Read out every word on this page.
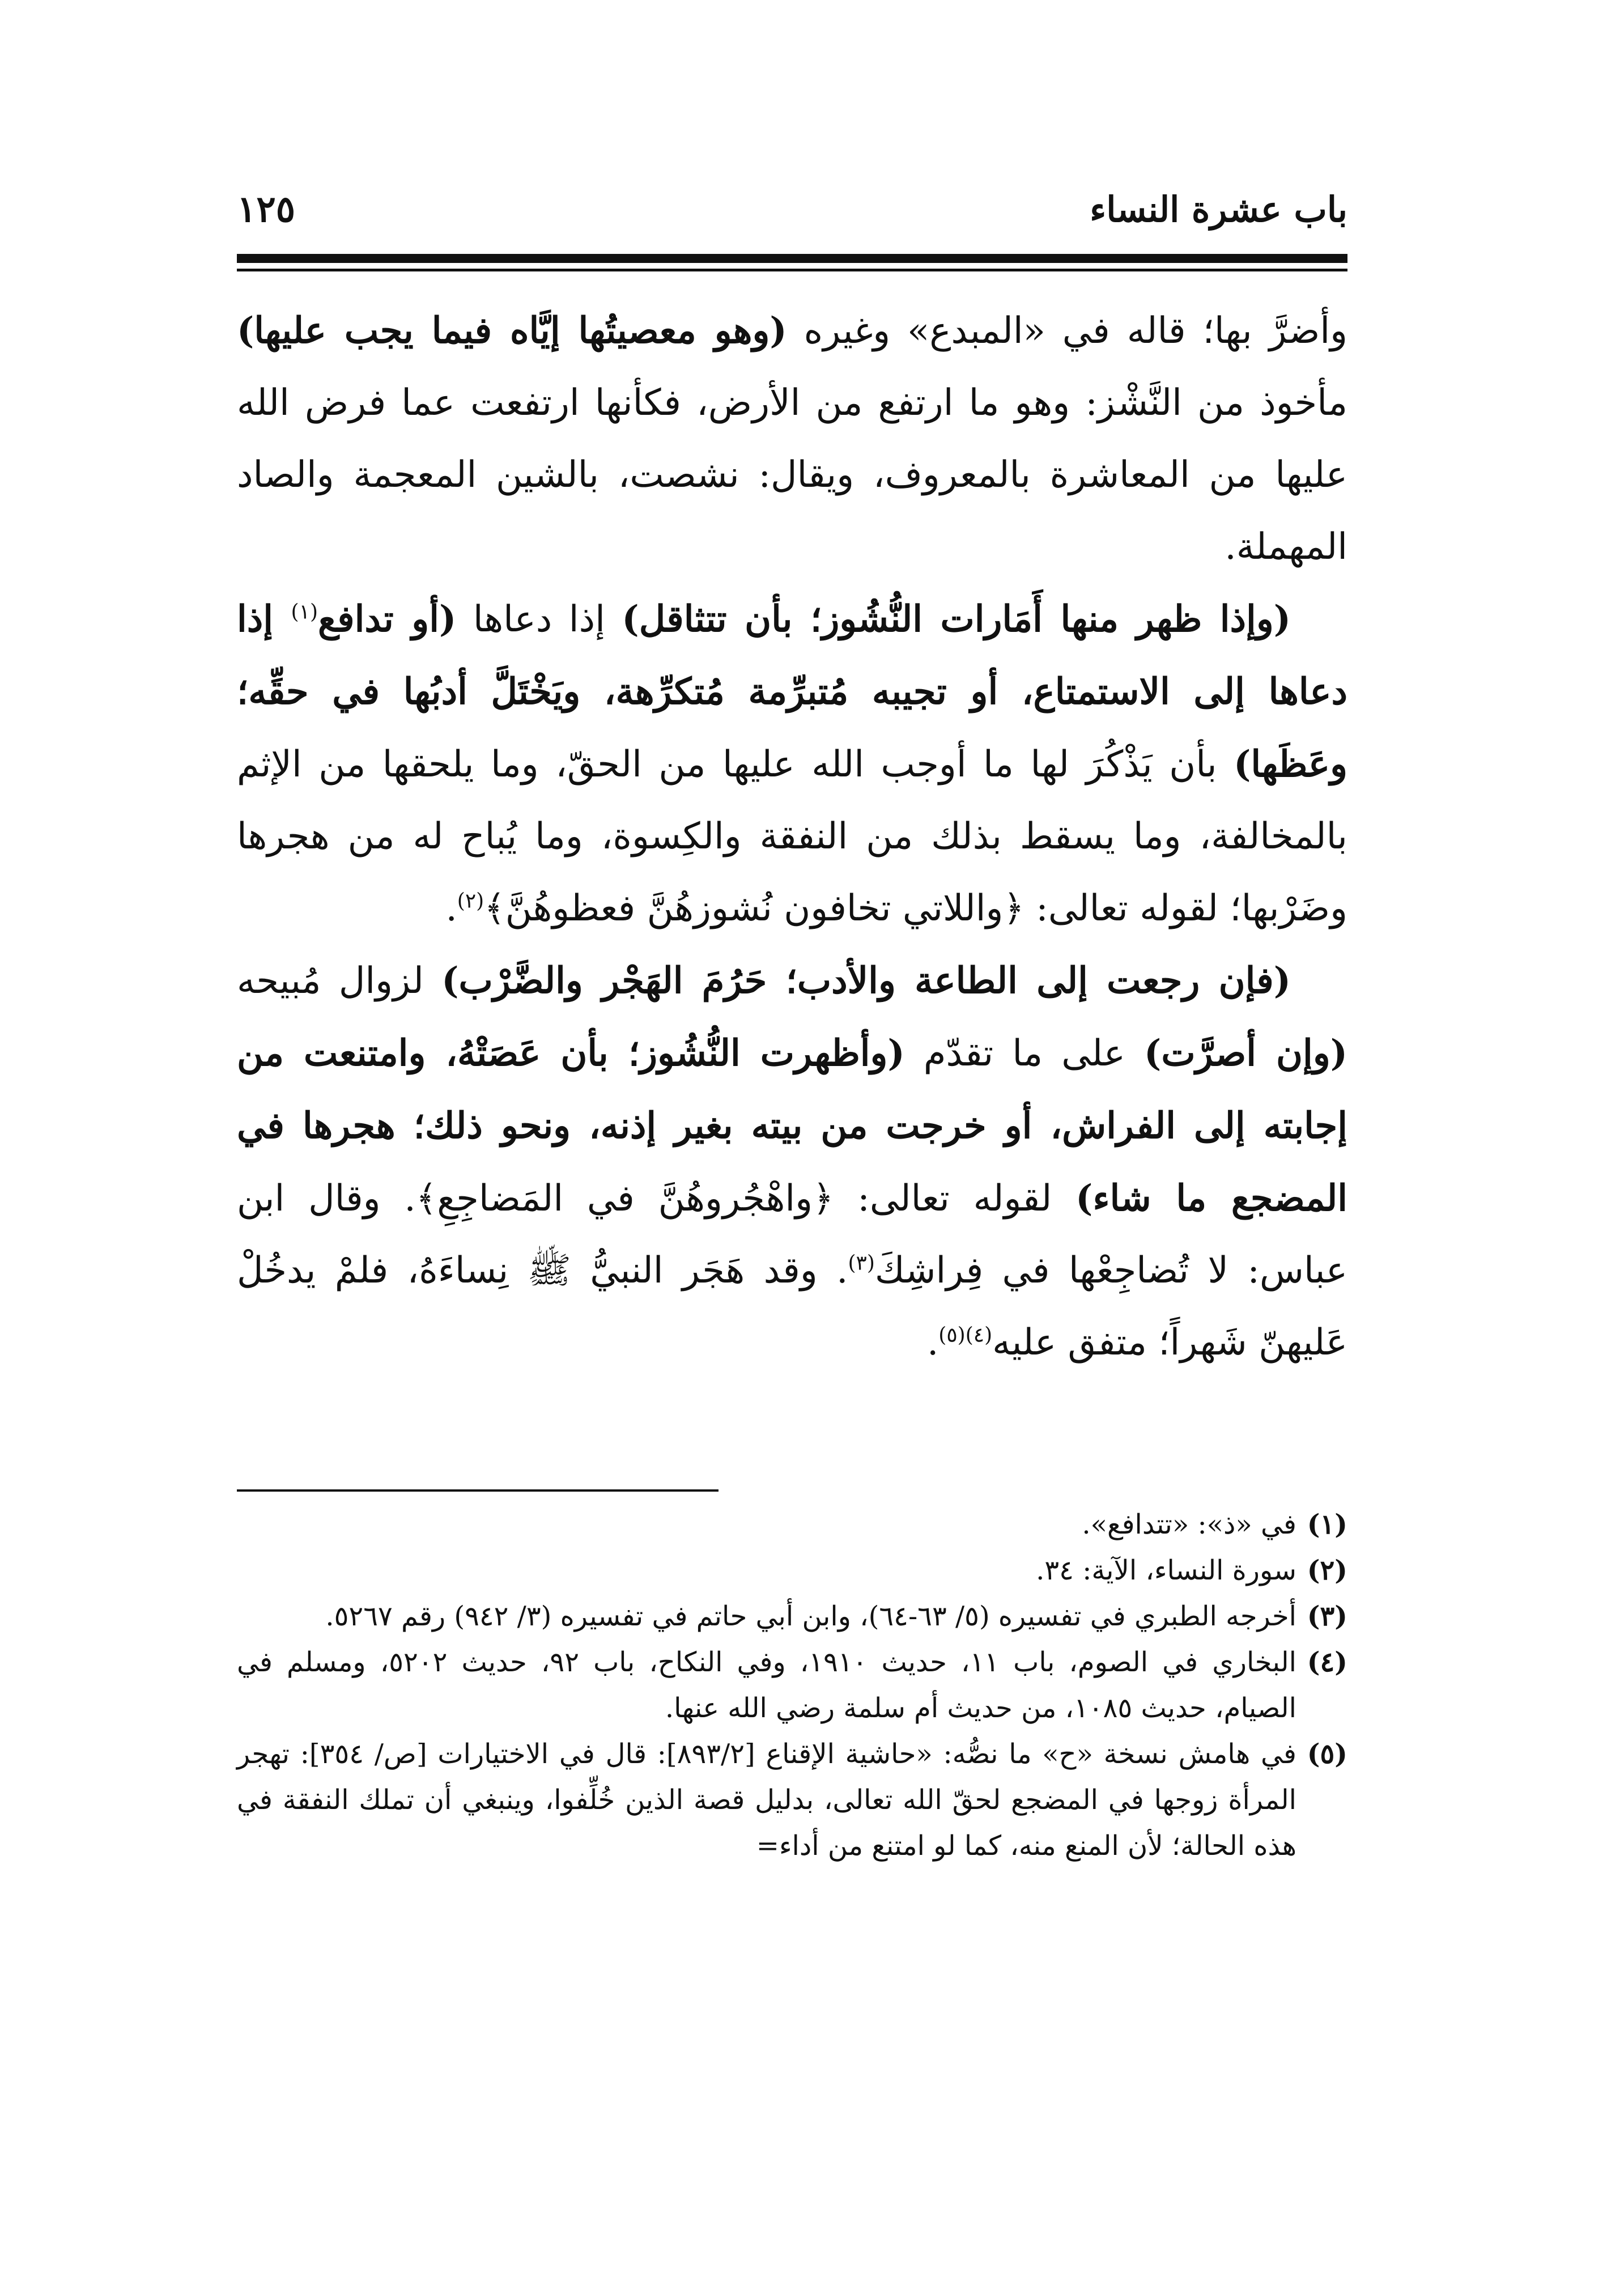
باب عشرة النساء
١٢٥

وأضرَّ بها؛ قاله في «المبدع» وغيره (وهو معصيتُها إيَّاه فيما يجب عليها) مأخوذ من النَّشْز: وهو ما ارتفع من الأرض، فكأنها ارتفعت عما فرض الله عليها من المعاشرة بالمعروف، ويقال: نشصت، بالشين المعجمة والصاد المهملة.

(وإذا ظهر منها أَمَارات النُّشُوز؛ بأن تتثاقل) إذا دعاها (أو تدافع$^{(١)}$ إذا دعاها إلى الاستمتاع، أو تجيبه مُتبرِّمة مُتكرِّهة، ويَخْتَلَّ أدبُها في حقِّه؛ وعَظَها) بأن يَذْكُرَ لها ما أوجب الله عليها من الحقّ، وما يلحقها من الإثم بالمخالفة، وما يسقط بذلك من النفقة والكِسوة، وما يُباح له من هجرها وضَرْبها؛ لقوله تعالى: ﴿واللاتي تخافون نُشوزهُنَّ فعظوهُنَّ﴾$^{(٢)}$.

(فإن رجعت إلى الطاعة والأدب؛ حَرُمَ الهَجْر والضَّرْب) لزوال مُبيحه (وإن أصرَّت) على ما تقدّم (وأظهرت النُّشُوز؛ بأن عَصَتْهُ، وامتنعت من إجابته إلى الفراش، أو خرجت من بيته بغير إذنه، ونحو ذلك؛ هجرها في المضجع ما شاء) لقوله تعالى: ﴿واهْجُروهُنَّ في المَضاجِعِ﴾. وقال ابن عباس: لا تُضاجِعْها في فِراشِكَ$^{(٣)}$. وقد هَجَر النبيُّ ﷺ نِساءَهُ، فلمْ يدخُلْ عَليهنّ شَهراً؛ متفق عليه$^{(٤)(٥)}$.

(١)في «ذ»: «تتدافع».

(٢)سورة النساء، الآية: ٣٤.

(٣)أخرجه الطبري في تفسيره (٥/ ٦٣-٦٤)، وابن أبي حاتم في تفسيره (٣/ ٩٤٢) رقم ٥٢٦٧.

(٤)البخاري في الصوم، باب ١١، حديث ١٩١٠، وفي النكاح، باب ٩٢، حديث ٥٢٠٢، ومسلم في الصيام، حديث ١٠٨٥، من حديث أم سلمة رضي الله عنها.

(٥)في هامش نسخة «ح» ما نصُّه: «حاشية الإقناع [٨٩٣/٢]: قال في الاختيارات [ص/ ٣٥٤]: تهجر المرأة زوجها في المضجع لحقّ الله تعالى، بدليل قصة الذين خُلِّفوا، وينبغي أن تملك النفقة في هذه الحالة؛ لأن المنع منه، كما لو امتنع من أداء=
